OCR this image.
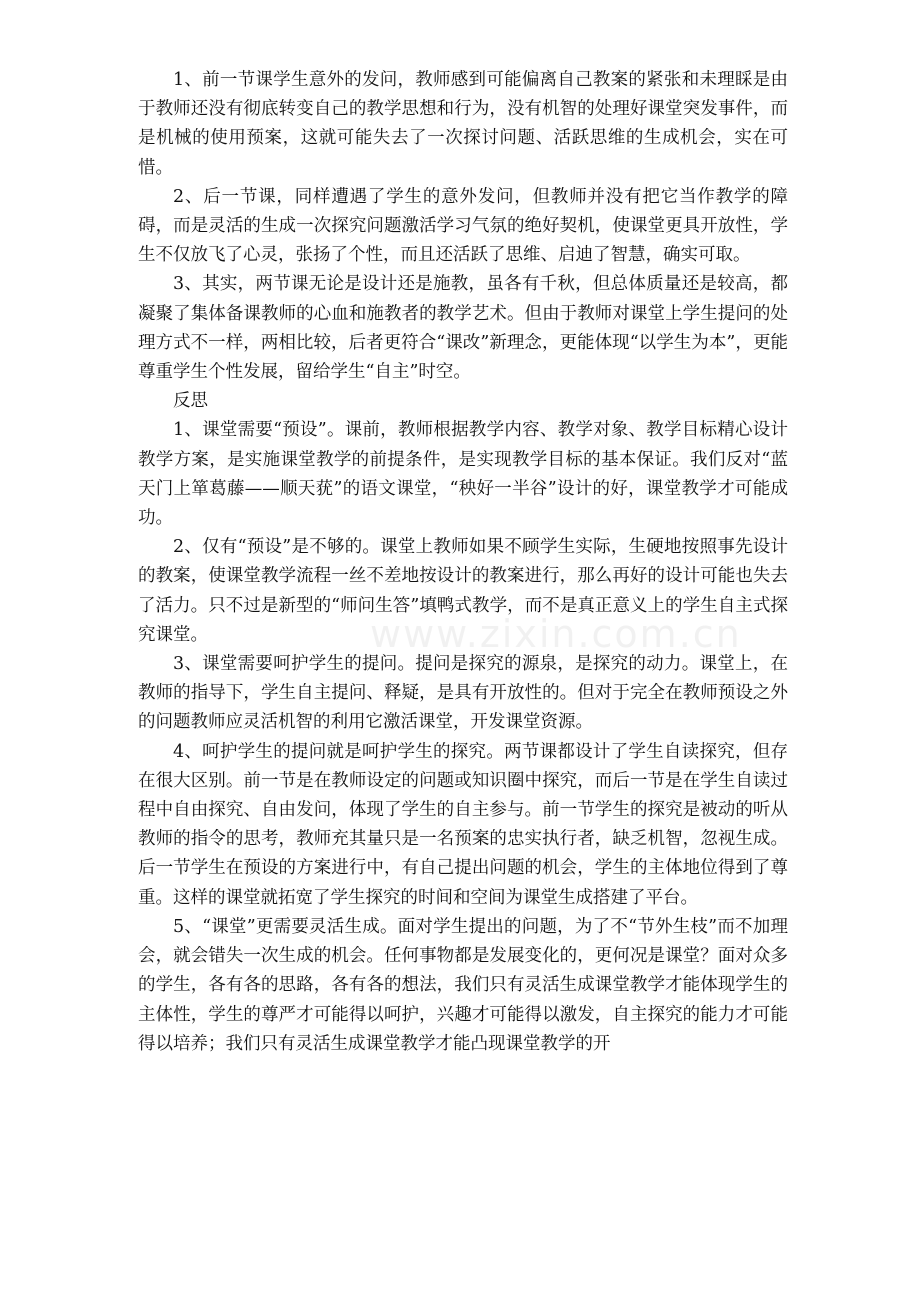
1、前一节课学生意外的发问，教师感到可能偏离自己教案的紧张和未理睬是由于教师还没有彻底转变自己的教学思想和行为，没有机智的处理好课堂突发事件，而是机械的使用预案，这就可能失去了一次探讨问题、活跃思维的生成机会，实在可惜。

2、后一节课，同样遭遇了学生的意外发问，但教师并没有把它当作教学的障碍，而是灵活的生成一次探究问题激活学习气氛的绝好契机，使课堂更具开放性，学生不仅放飞了心灵，张扬了个性，而且还活跃了思维、启迪了智慧，确实可取。

3、其实，两节课无论是设计还是施教，虽各有千秋，但总体质量还是较高，都凝聚了集体备课教师的心血和施教者的教学艺术。但由于教师对课堂上学生提问的处理方式不一样，两相比较，后者更符合“课改”新理念，更能体现“以学生为本”，更能尊重学生个性发展，留给学生“自主”时空。

反思

1、课堂需要“预设”。课前，教师根据教学内容、教学对象、教学目标精心设计教学方案，是实施课堂教学的前提条件，是实现教学目标的基本保证。我们反对“蓝天门上箪葛藤——顺天莸”的语文课堂，“秧好一半谷”设计的好，课堂教学才可能成功。

2、仅有“预设”是不够的。课堂上教师如果不顾学生实际，生硬地按照事先设计的教案，使课堂教学流程一丝不差地按设计的教案进行，那么再好的设计可能也失去了活力。只不过是新型的“师问生答”填鸭式教学，而不是真正意义上的学生自主式探究课堂。

3、课堂需要呵护学生的提问。提问是探究的源泉，是探究的动力。课堂上，在教师的指导下，学生自主提问、释疑，是具有开放性的。但对于完全在教师预设之外的问题教师应灵活机智的利用它激活课堂，开发课堂资源。

4、呵护学生的提问就是呵护学生的探究。两节课都设计了学生自读探究，但存在很大区别。前一节是在教师设定的问题或知识圈中探究，而后一节是在学生自读过程中自由探究、自由发问，体现了学生的自主参与。前一节学生的探究是被动的听从教师的指令的思考，教师充其量只是一名预案的忠实执行者，缺乏机智，忽视生成。后一节学生在预设的方案进行中，有自己提出问题的机会，学生的主体地位得到了尊重。这样的课堂就拓宽了学生探究的时间和空间为课堂生成搭建了平台。

5、“课堂”更需要灵活生成。面对学生提出的问题，为了不“节外生枝”而不加理会，就会错失一次生成的机会。任何事物都是发展变化的，更何况是课堂？面对众多的学生，各有各的思路，各有各的想法，我们只有灵活生成课堂教学才能体现学生的主体性，学生的尊严才可能得以呵护，兴趣才可能得以激发，自主探究的能力才可能得以培养；我们只有灵活生成课堂教学才能凸现课堂教学的开

www.zixin.com.cn
